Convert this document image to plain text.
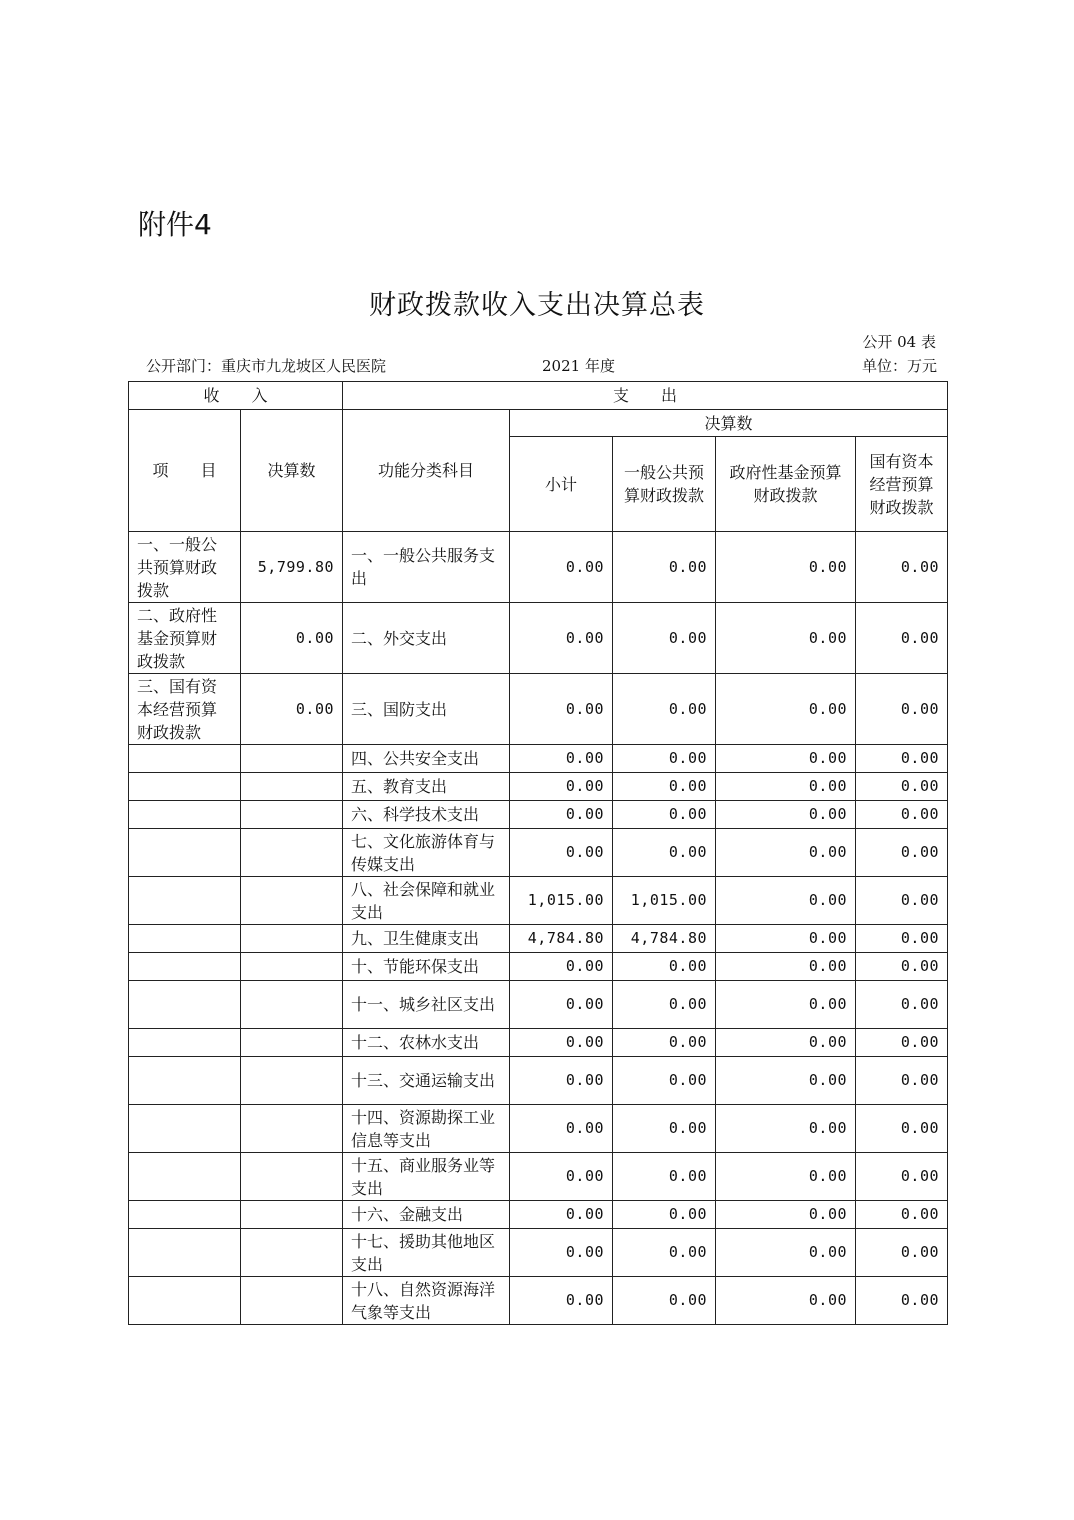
附件4
财政拨款收入支出决算总表
公开 04 表
公开部门：重庆市九龙坡区人民医院	2021 年度	单位：万元
收　　入		支　　出				
项　　目	决算数	功能分类科目	决算数			
			小计	一般公共预算财政拨款	政府性基金预算财政拨款	国有资本经营预算财政拨款
一、一般公共预算财政拨款	5,799.80	一、一般公共服务支出	0.00	0.00	0.00	0.00
二、政府性基金预算财政拨款	0.00	二、外交支出	0.00	0.00	0.00	0.00
三、国有资本经营预算财政拨款	0.00	三、国防支出	0.00	0.00	0.00	0.00
		四、公共安全支出	0.00	0.00	0.00	0.00
		五、教育支出	0.00	0.00	0.00	0.00
		六、科学技术支出	0.00	0.00	0.00	0.00
		七、文化旅游体育与传媒支出	0.00	0.00	0.00	0.00
		八、社会保障和就业支出	1,015.00	1,015.00	0.00	0.00
		九、卫生健康支出	4,784.80	4,784.80	0.00	0.00
		十、节能环保支出	0.00	0.00	0.00	0.00
		十一、城乡社区支出	0.00	0.00	0.00	0.00
		十二、农林水支出	0.00	0.00	0.00	0.00
		十三、交通运输支出	0.00	0.00	0.00	0.00
		十四、资源勘探工业信息等支出	0.00	0.00	0.00	0.00
		十五、商业服务业等支出	0.00	0.00	0.00	0.00
		十六、金融支出	0.00	0.00	0.00	0.00
		十七、援助其他地区支出	0.00	0.00	0.00	0.00
		十八、自然资源海洋气象等支出	0.00	0.00	0.00	0.00
